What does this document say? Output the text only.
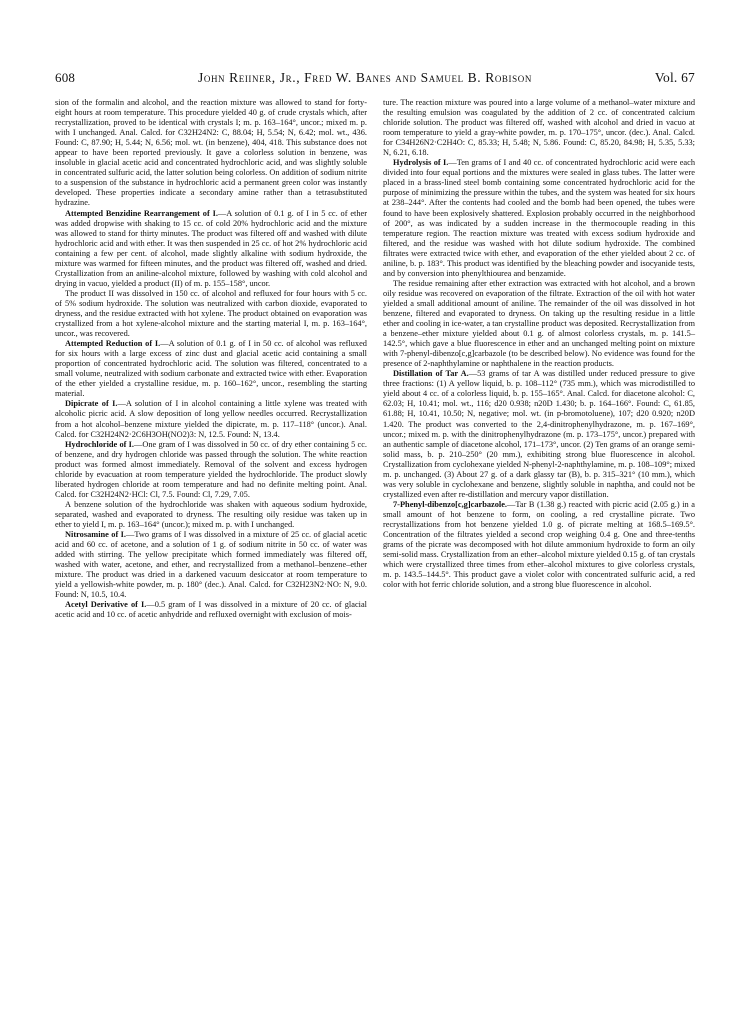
608	John Reiiner, Jr., Fred W. Banes and Samuel B. Robison	Vol. 67

sion of the formalin and alcohol, and the reaction mixture was allowed to stand for forty-eight hours at room temperature. This procedure yielded 40 g. of crude crystals which, after recrystallization, proved to be identical with crystals I; m. p. 163–164°, uncor.; mixed m. p. with I unchanged. Anal. Calcd. for C32H24N2: C, 88.04; H, 5.54; N, 6.42; mol. wt., 436. Found: C, 87.90; H, 5.44; N, 6.56; mol. wt. (in benzene), 404, 418. This substance does not appear to have been reported previously. It gave a colorless solution in benzene, was insoluble in glacial acetic acid and concentrated hydrochloric acid, and was slightly soluble in concentrated sulfuric acid, the latter solution being colorless. On addition of sodium nitrite to a suspension of the substance in hydrochloric acid a permanent green color was instantly developed. These properties indicate a secondary amine rather than a tetrasubstituted hydrazine.

Attempted Benzidine Rearrangement of I.—A solution of 0.1 g. of I in 5 cc. of ether was added dropwise with shaking to 15 cc. of cold 20% hydrochloric acid and the mixture was allowed to stand for thirty minutes. The product was filtered off and washed with dilute hydrochloric acid and with ether. It was then suspended in 25 cc. of hot 2% hydrochloric acid containing a few per cent. of alcohol, made slightly alkaline with sodium hydroxide, the mixture was warmed for fifteen minutes, and the product was filtered off, washed and dried. Crystallization from an aniline-alcohol mixture, followed by washing with cold alcohol and drying in vacuo, yielded a product (II) of m. p. 155–158°, uncor.

The product II was dissolved in 150 cc. of alcohol and refluxed for four hours with 5 cc. of 5% sodium hydroxide. The solution was neutralized with carbon dioxide, evaporated to dryness, and the residue extracted with hot xylene. The product obtained on evaporation was crystallized from a hot xylene-alcohol mixture and the starting material I, m. p. 163–164°, uncor., was recovered.

Attempted Reduction of I.—A solution of 0.1 g. of I in 50 cc. of alcohol was refluxed for six hours with a large excess of zinc dust and glacial acetic acid containing a small proportion of concentrated hydrochloric acid. The solution was filtered, concentrated to a small volume, neutralized with sodium carbonate and extracted twice with ether. Evaporation of the ether yielded a crystalline residue, m. p. 160–162°, uncor., resembling the starting material.

Dipicrate of I.—A solution of I in alcohol containing a little xylene was treated with alcoholic picric acid. A slow deposition of long yellow needles occurred. Recrystallization from a hot alcohol–benzene mixture yielded the dipicrate, m. p. 117–118° (uncor.). Anal. Calcd. for C32H24N2·2C6H3OH(NO2)3: N, 12.5. Found: N, 13.4.

Hydrochloride of I.—One gram of I was dissolved in 50 cc. of dry ether containing 5 cc. of benzene, and dry hydrogen chloride was passed through the solution. The white reaction product was formed almost immediately. Removal of the solvent and excess hydrogen chloride by evacuation at room temperature yielded the hydrochloride. The product slowly liberated hydrogen chloride at room temperature and had no definite melting point. Anal. Calcd. for C32H24N2·HCl: Cl, 7.5. Found: Cl, 7.29, 7.05.

A benzene solution of the hydrochloride was shaken with aqueous sodium hydroxide, separated, washed and evaporated to dryness. The resulting oily residue was taken up in ether to yield I, m. p. 163–164° (uncor.); mixed m. p. with I unchanged.

Nitrosamine of I.—Two grams of I was dissolved in a mixture of 25 cc. of glacial acetic acid and 60 cc. of acetone, and a solution of 1 g. of sodium nitrite in 50 cc. of water was added with stirring. The yellow precipitate which formed immediately was filtered off, washed with water, acetone, and ether, and recrystallized from a methanol–benzene–ether mixture. The product was dried in a darkened vacuum desiccator at room temperature to yield a yellowish-white powder, m. p. 180° (dec.). Anal. Calcd. for C32H23N2·NO: N, 9.0. Found: N, 10.5, 10.4.

Acetyl Derivative of I.—0.5 gram of I was dissolved in a mixture of 20 cc. of glacial acetic acid and 10 cc. of acetic anhydride and refluxed overnight with exclusion of mois-

ture. The reaction mixture was poured into a large volume of a methanol–water mixture and the resulting emulsion was coagulated by the addition of 2 cc. of concentrated calcium chloride solution. The product was filtered off, washed with alcohol and dried in vacuo at room temperature to yield a gray-white powder, m. p. 170–175°, uncor. (dec.). Anal. Calcd. for C34H26N2·C2H4O: C, 85.33; H, 5.48; N, 5.86. Found: C, 85.20, 84.98; H, 5.35, 5.33; N, 6.21, 6.18.

Hydrolysis of I.—Ten grams of I and 40 cc. of concentrated hydrochloric acid were each divided into four equal portions and the mixtures were sealed in glass tubes. The latter were placed in a brass-lined steel bomb containing some concentrated hydrochloric acid for the purpose of minimizing the pressure within the tubes, and the system was heated for six hours at 238–244°. After the contents had cooled and the bomb had been opened, the tubes were found to have been explosively shattered. Explosion probably occurred in the neighborhood of 200°, as was indicated by a sudden increase in the thermocouple reading in this temperature region. The reaction mixture was treated with excess sodium hydroxide and filtered, and the residue was washed with hot dilute sodium hydroxide. The combined filtrates were extracted twice with ether, and evaporation of the ether yielded about 2 cc. of aniline, b. p. 183°. This product was identified by the bleaching powder and isocyanide tests, and by conversion into phenylthiourea and benzamide.

The residue remaining after ether extraction was extracted with hot alcohol, and a brown oily residue was recovered on evaporation of the filtrate. Extraction of the oil with hot water yielded a small additional amount of aniline. The remainder of the oil was dissolved in hot benzene, filtered and evaporated to dryness. On taking up the resulting residue in a little ether and cooling in ice-water, a tan crystalline product was deposited. Recrystallization from a benzene–ether mixture yielded about 0.1 g. of almost colorless crystals, m. p. 141.5–142.5°, which gave a blue fluorescence in ether and an unchanged melting point on mixture with 7-phenyl-dibenzo[c,g]carbazole (to be described below). No evidence was found for the presence of 2-naphthylamine or naphthalene in the reaction products.

Distillation of Tar A.—53 grams of tar A was distilled under reduced pressure to give three fractions: (1) A yellow liquid, b. p. 108–112° (735 mm.), which was microdistilled to yield about 4 cc. of a colorless liquid, b. p. 155–165°. Anal. Calcd. for diacetone alcohol: C, 62.03; H, 10.41; mol. wt., 116; d20 0.938; n20D 1.430; b. p. 164–166°. Found: C, 61.85, 61.88; H, 10.41, 10.50; N, negative; mol. wt. (in p-bromotoluene), 107; d20 0.920; n20D 1.420. The product was converted to the 2,4-dinitrophenylhydrazone, m. p. 167–169°, uncor.; mixed m. p. with the dinitrophenylhydrazone (m. p. 173–175°, uncor.) prepared with an authentic sample of diacetone alcohol, 171–173°, uncor. (2) Ten grams of an orange semi-solid mass, b. p. 210–250° (20 mm.), exhibiting strong blue fluorescence in alcohol. Crystallization from cyclohexane yielded N-phenyl-2-naphthylamine, m. p. 108–109°; mixed m. p. unchanged. (3) About 27 g. of a dark glassy tar (B), b. p. 315–321° (10 mm.), which was very soluble in cyclohexane and benzene, slightly soluble in naphtha, and could not be crystallized even after re-distillation and mercury vapor distillation.

7-Phenyl-dibenzo[c,g]carbazole.—Tar B (1.38 g.) reacted with picric acid (2.05 g.) in a small amount of hot benzene to form, on cooling, a red crystalline picrate. Two recrystallizations from hot benzene yielded 1.0 g. of picrate melting at 168.5–169.5°. Concentration of the filtrates yielded a second crop weighing 0.4 g. One and three-tenths grams of the picrate was decomposed with hot dilute ammonium hydroxide to form an oily semi-solid mass. Crystallization from an ether–alcohol mixture yielded 0.15 g. of tan crystals which were crystallized three times from ether–alcohol mixtures to give colorless crystals, m. p. 143.5–144.5°. This product gave a violet color with concentrated sulfuric acid, a red color with hot ferric chloride solution, and a strong blue fluorescence in alcohol.
